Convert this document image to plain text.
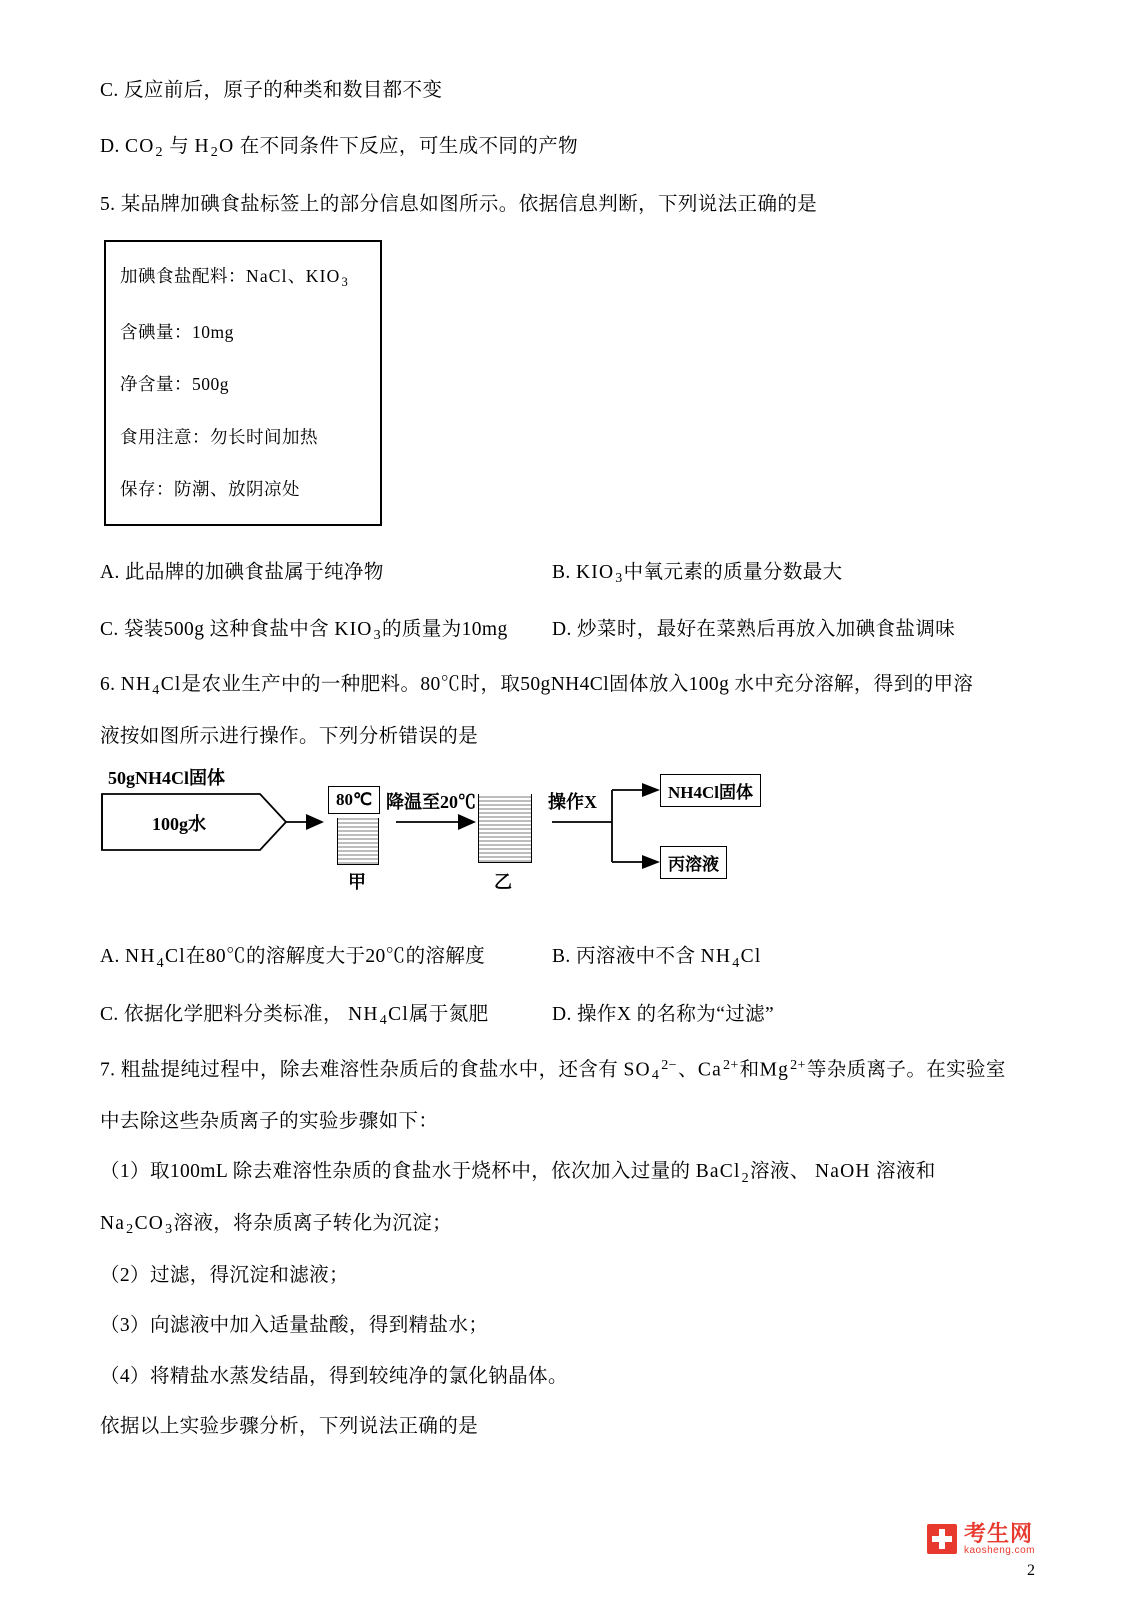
C. 反应前后，原子的种类和数目都不变

D. $CO_2$ 与 $H_2O$ 在不同条件下反应，可生成不同的产物

5. 某品牌加碘食盐标签上的部分信息如图所示。依据信息判断，下列说法正确的是

加碘食盐配料：NaCl、$KIO_3$
含碘量：10mg
净含量：500g
食用注意：勿长时间加热
保存：防潮、放阴凉处
A. 此品牌的加碘食盐属于纯净物	B. $KIO_3$中氧元素的质量分数最大
C. 袋装500g 这种食盐中含 $KIO_3$的质量为10mg	D. 炒菜时，最好在菜熟后再放入加碘食盐调味

6. $NH_4Cl$是农业生产中的一种肥料。80℃时，取50gNH4Cl固体放入100g 水中充分溶解，得到的甲溶

液按如图所示进行操作。下列分析错误的是

50gNH4Cl固体
100g水
80℃
甲
降温至20℃
乙
操作X	NH4Cl固体
丙溶液
A. $NH_4Cl$在80℃的溶解度大于20℃的溶解度	B. 丙溶液中不含 $NH_4Cl$
C. 依据化学肥料分类标准， $NH_4Cl$属于氮肥	D. 操作X 的名称为“过滤”

7. 粗盐提纯过程中，除去难溶性杂质后的食盐水中，还含有 $SO_4^{2-}$、$Ca^{2+}$和$Mg^{2+}$等杂质离子。在实验室

中去除这些杂质离子的实验步骤如下：

（1）取100mL 除去难溶性杂质的食盐水于烧杯中，依次加入过量的 BaCl$_2$溶液、 NaOH 溶液和

$Na_2CO_3$溶液，将杂质离子转化为沉淀；

（2）过滤，得沉淀和滤液；

（3）向滤液中加入适量盐酸，得到精盐水；

（4）将精盐水蒸发结晶，得到较纯净的氯化钠晶体。

依据以上实验步骤分析，下列说法正确的是

考生网
kaosheng.com
2
